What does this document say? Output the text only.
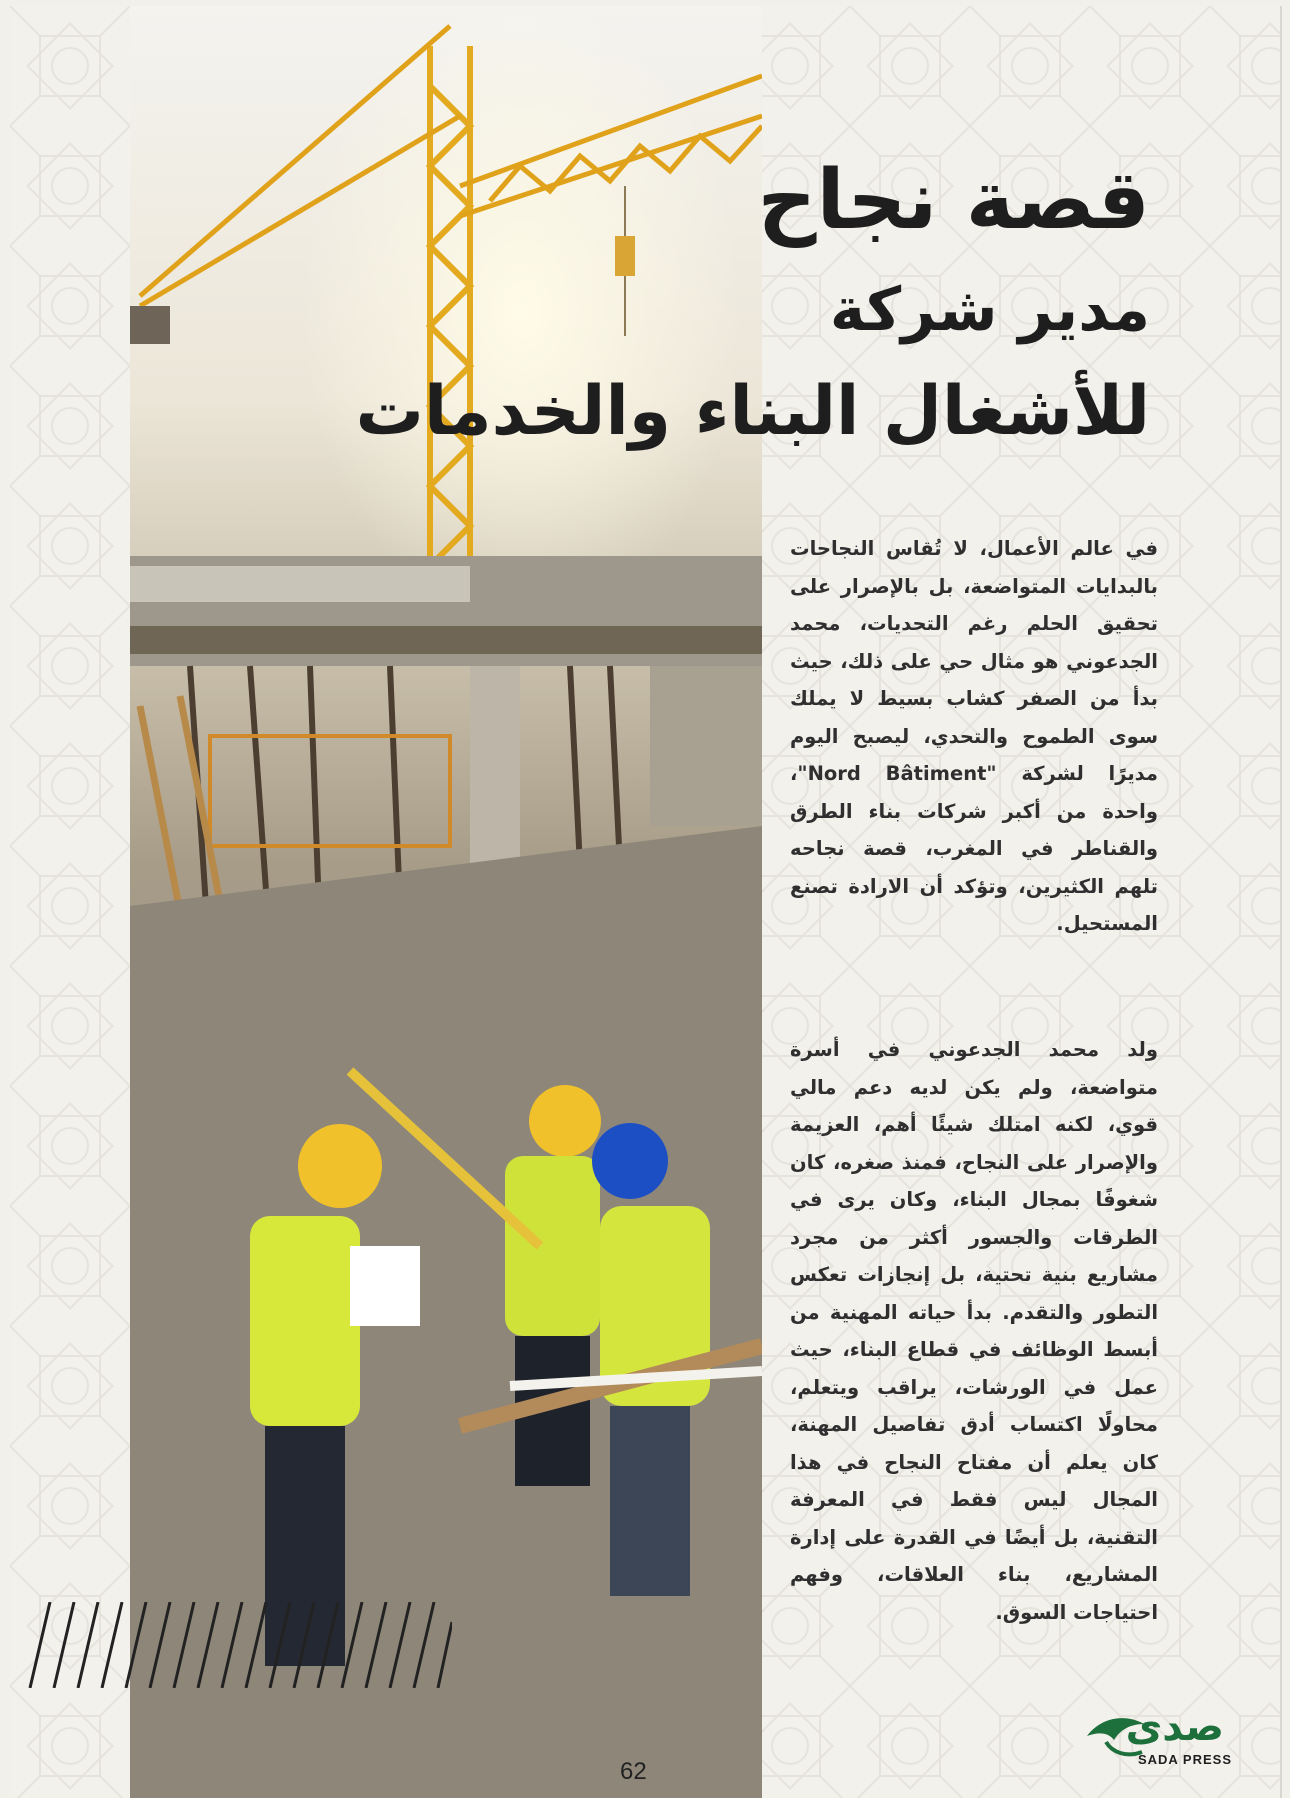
قصة نجاح
مدير شركة
للأشغال البناء والخدمات

في عالم الأعمال، لا تُقاس النجاحات بالبدايات المتواضعة، بل بالإصرار على تحقيق الحلم رغم التحديات، محمد الجدعوني هو مثال حي على ذلك، حيث بدأ من الصفر كشاب بسيط لا يملك سوى الطموح والتحدي، ليصبح اليوم مديرًا لشركة "Nord Bâtiment"، واحدة من أكبر شركات بناء الطرق والقناطر في المغرب، قصة نجاحه تلهم الكثيرين، وتؤكد أن الارادة تصنع المستحيل.

ولد محمد الجدعوني في أسرة متواضعة، ولم يكن لديه دعم مالي قوي، لكنه امتلك شيئًا أهم، العزيمة والإصرار على النجاح، فمنذ صغره، كان شغوفًا بمجال البناء، وكان يرى في الطرقات والجسور أكثر من مجرد مشاريع بنية تحتية، بل إنجازات تعكس التطور والتقدم. بدأ حياته المهنية من أبسط الوظائف في قطاع البناء، حيث عمل في الورشات، يراقب ويتعلم، محاولًا اكتساب أدق تفاصيل المهنة، كان يعلم أن مفتاح النجاح في هذا المجال ليس فقط في المعرفة التقنية، بل أيضًا في القدرة على إدارة المشاريع، بناء العلاقات، وفهم احتياجات السوق.

62
صدى
SADA PRESS
